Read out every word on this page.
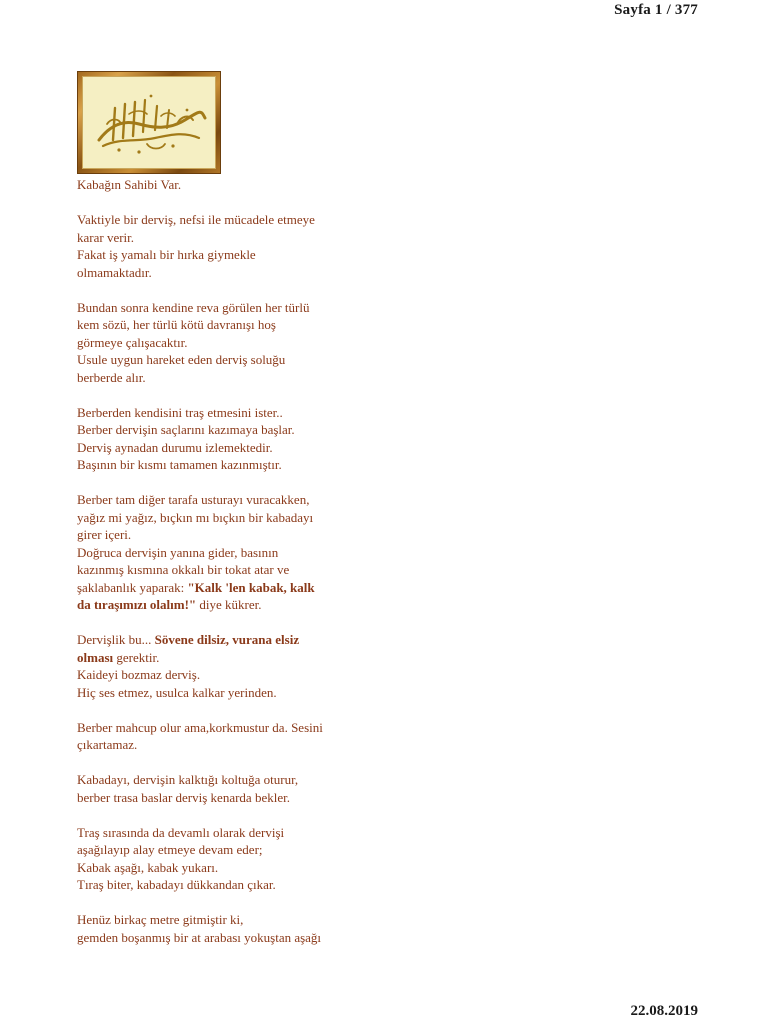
Sayfa 1 / 377
Kabağın Sahibi Var.
Vaktiyle bir derviş, nefsi ile mücadele etmeye
karar verir.
Fakat iş yamalı bir hırka giymekle
olmamaktadır.
Bundan sonra kendine reva görülen her türlü
kem sözü, her türlü kötü davranışı hoş
görmeye çalışacaktır.
Usule uygun hareket eden derviş soluğu
berberde alır.
Berberden kendisini traş etmesini ister..
Berber dervişin saçlarını kazımaya başlar.
Derviş aynadan durumu izlemektedir.
Başının bir kısmı tamamen kazınmıştır.
Berber tam diğer tarafa usturayı vuracakken,
yağız mi yağız, bıçkın mı bıçkın bir kabadayı
girer içeri.
Doğruca dervişin yanına gider, basının
kazınmış kısmına okkalı bir tokat atar ve
şaklabanlık yaparak: "Kalk 'len kabak, kalk
da tıraşımızı olalım!" diye kükrer.
Dervişlik bu... Sövene dilsiz, vurana elsiz
olması gerektir.
Kaideyi bozmaz derviş.
Hiç ses etmez, usulca kalkar yerinden.
Berber mahcup olur ama,korkmustur da. Sesini
çıkartamaz.
Kabadayı, dervişin kalktığı koltuğa oturur,
berber trasa baslar derviş kenarda bekler.
Traş sırasında da devamlı olarak dervişi
aşağılayıp alay etmeye devam eder;
Kabak aşağı, kabak yukarı.
Tıraş biter, kabadayı dükkandan çıkar.
Henüz birkaç metre gitmiştir ki,
gemden boşanmış bir at arabası yokuştan aşağı
22.08.2019
